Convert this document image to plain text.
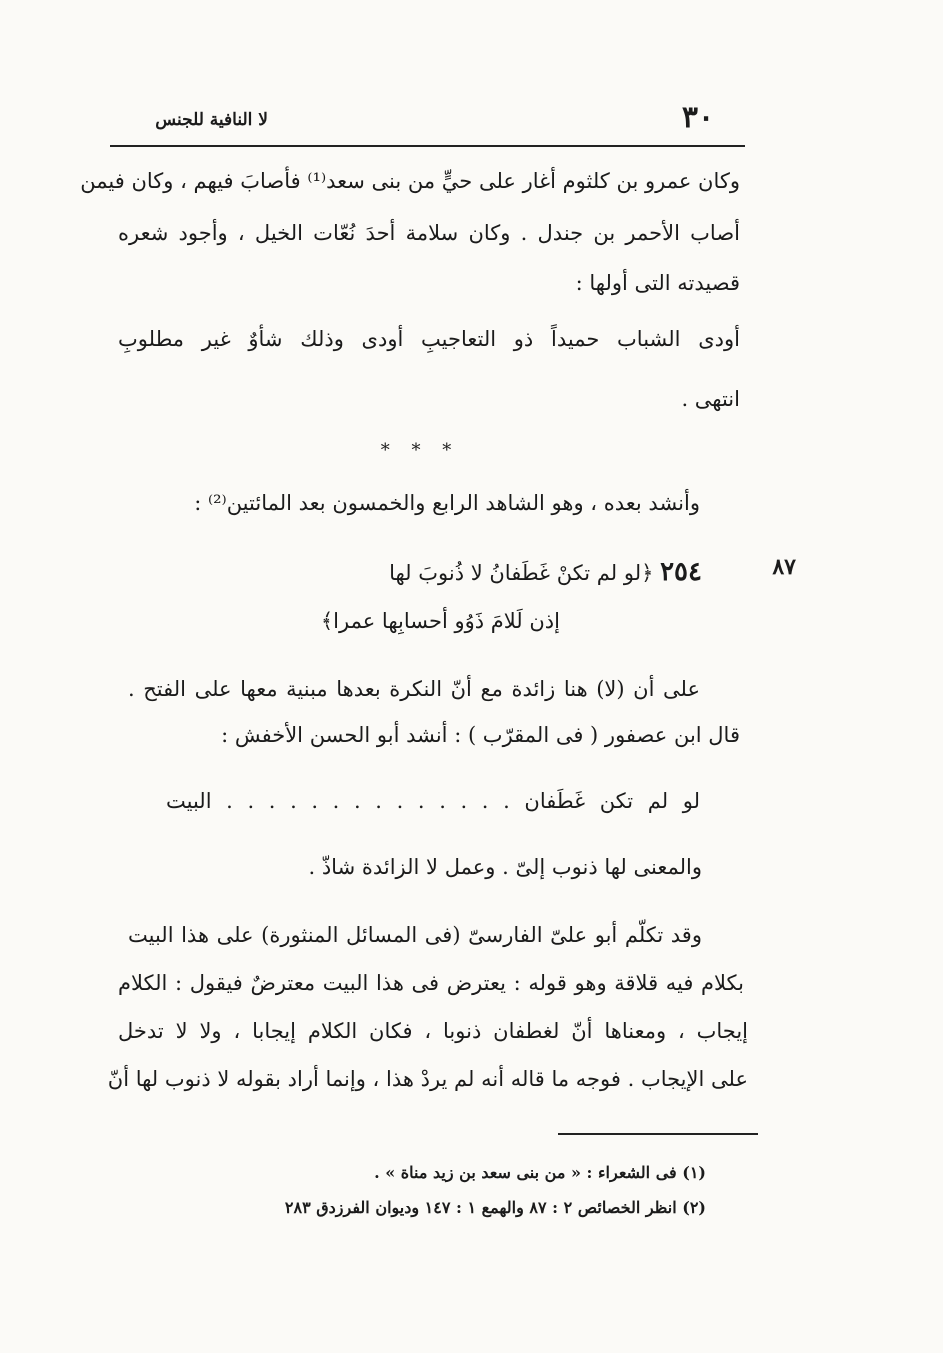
٣٠
لا النافية للجنس
وكان عمرو بن كلثوم أغار على حيٍّ من بنى سعد⁽¹⁾ فأصابَ فيهم ، وكان فيمن
أصاب الأحمر بن جندل . وكان سلامة أحدَ نُعّات الخيل ، وأجود شعره
قصيدته التى أولها :
أودى الشباب حميداً ذو التعاجيبِ أودى وذلك شأوٌ غير مطلوبِ
انتهى .
* * *
وأنشد بعده ، وهو الشاهد الرابع والخمسون بعد المائتين⁽²⁾ :
٨٧
٢٥٤ ﴿لو لم تكنْ غَطَفانُ لا ذُنوبَ لها
إذن لَلامَ ذَوُو أحسابِها عمرا﴾
على أن (لا) هنا زائدة مع أنّ النكرة بعدها مبنية معها على الفتح .
قال ابن عصفور ( فى المقرّب ) : أنشد أبو الحسن الأخفش :
لو لم تكن غَطَفان . . . . . . . . . . . . . . البيت
والمعنى لها ذنوب إلىّ . وعمل لا الزائدة شاذّ .
وقد تكلّم أبو علىّ الفارسىّ (فى المسائل المنثورة) على هذا البيت
بكلام فيه قلاقة وهو قوله : يعترض فى هذا البيت معترضٌ فيقول : الكلام
إيجاب ، ومعناها أنّ لغطفان ذنوبا ، فكان الكلام إيجابا ، ولا لا تدخل
على الإيجاب . فوجه ما قاله أنه لم يردْ هذا ، وإنما أراد بقوله لا ذنوب لها أنّ
(١) فى الشعراء : « من بنى سعد بن زيد مناة » .
(٢) انظر الخصائص ٢ : ٨٧ والهمع ١ : ١٤٧ وديوان الفرزدق ٢٨٣
